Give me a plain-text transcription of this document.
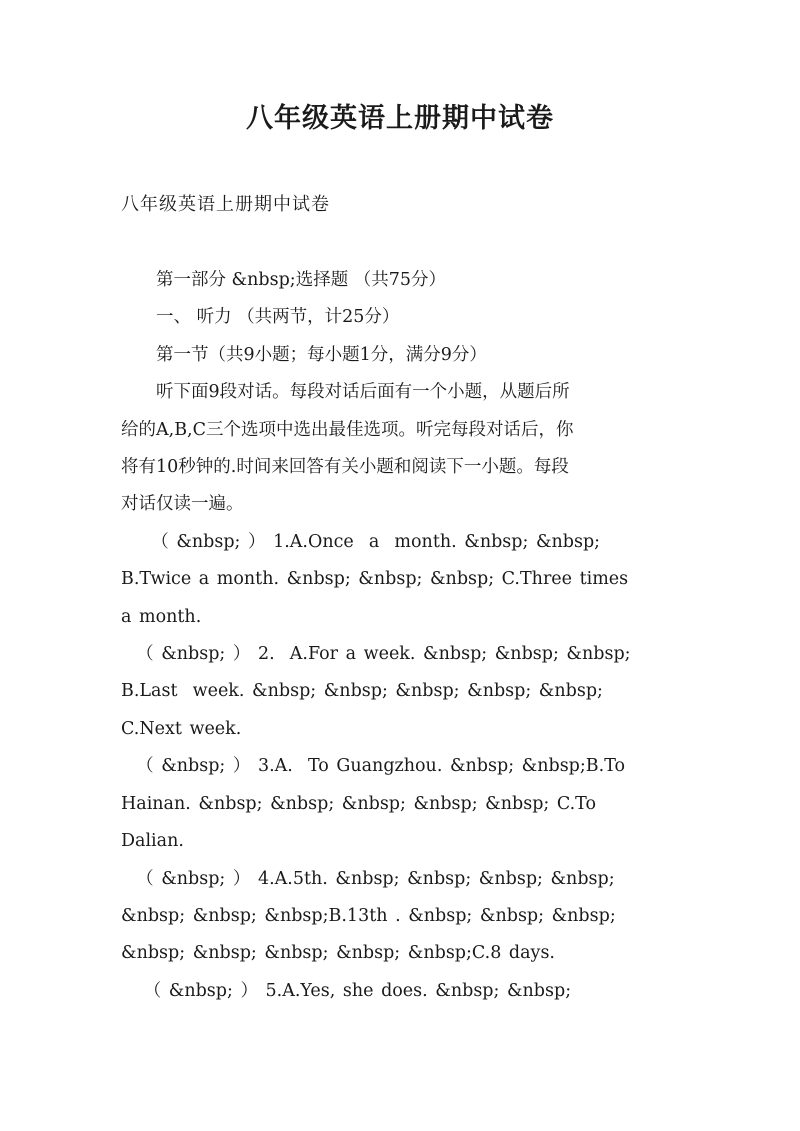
八年级英语上册期中试卷
八年级英语上册期中试卷

第一部分 &nbsp;选择题 （共75分）

一、 听力 （共两节，计25分）

第一节（共9小题；每小题1分，满分9分）

听下面9段对话。每段对话后面有一个小题，从题后所
给的A,B,C三个选项中选出最佳选项。听完每段对话后，你
将有10秒钟的.时间来回答有关小题和阅读下一小题。每段
对话仅读一遍。
（ &nbsp; ） 1.A.Once  a  month. &nbsp; &nbsp;
B.Twice a month. &nbsp; &nbsp; &nbsp; C.Three times
a month.
（ &nbsp; ） 2.  A.For a week. &nbsp; &nbsp; &nbsp;
B.Last  week. &nbsp; &nbsp; &nbsp; &nbsp; &nbsp;
C.Next week.
（ &nbsp; ） 3.A.  To Guangzhou. &nbsp; &nbsp;B.To
Hainan. &nbsp; &nbsp; &nbsp; &nbsp; &nbsp; C.To
Dalian.
（ &nbsp; ） 4.A.5th. &nbsp; &nbsp; &nbsp; &nbsp;
&nbsp; &nbsp; &nbsp;B.13th . &nbsp; &nbsp; &nbsp;
&nbsp; &nbsp; &nbsp; &nbsp; &nbsp;C.8 days.
（ &nbsp; ） 5.A.Yes, she does. &nbsp; &nbsp;
